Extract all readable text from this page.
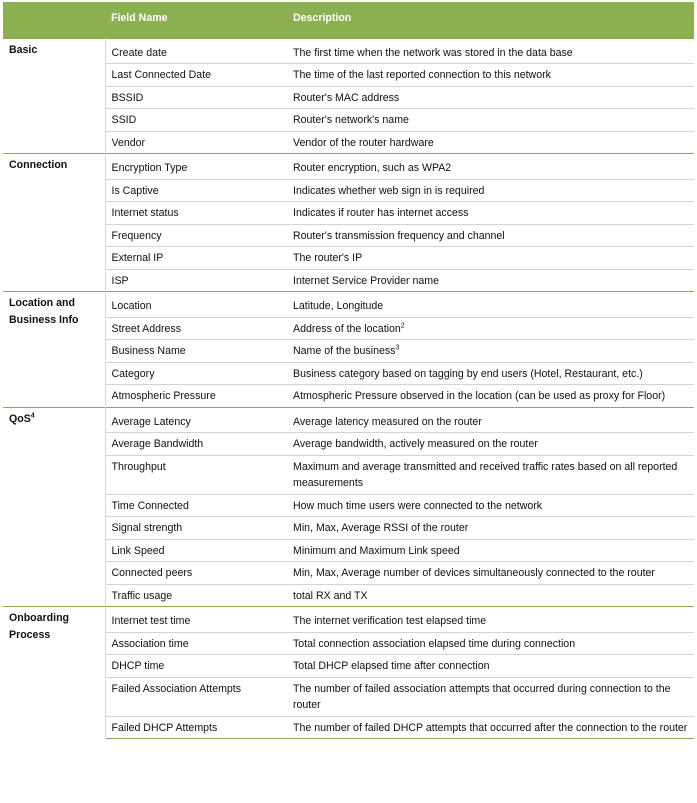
	Field Name	Description
Basic	Create date	The first time when the network was stored in the data base
	Last Connected Date	The time of the last reported connection to this network
	BSSID	Router's MAC address
	SSID	Router's network's name
	Vendor	Vendor of the router hardware
Connection	Encryption Type	Router encryption, such as WPA2
	Is Captive	Indicates whether web sign in is required
	Internet status	Indicates if router has internet access
	Frequency	Router's transmission frequency and channel
	External IP	The router's IP
	ISP	Internet Service Provider name
Location and Business Info	Location	Latitude, Longitude
	Street Address	Address of the location$^2$
	Business Name	Name of the business$^3$
	Category	Business category based on tagging by end users (Hotel, Restaurant, etc.)
	Atmospheric Pressure	Atmospheric Pressure observed in the location (can be used as proxy for Floor)
QoS$^4$	Average Latency	Average latency measured on the router
	Average Bandwidth	Average bandwidth, actively measured on the router
	Throughput	Maximum and average transmitted and received traffic rates based on all reported measurements
	Time Connected	How much time users were connected to the network
	Signal strength	Min, Max, Average RSSI of the router
	Link Speed	Minimum and Maximum Link speed
	Connected peers	Min, Max, Average number of devices simultaneously connected to the router
	Traffic usage	total RX and TX
Onboarding Process	Internet test time	The internet verification test elapsed time
	Association time	Total connection association elapsed time during connection
	DHCP time	Total DHCP elapsed time after connection
	Failed Association Attempts	The number of failed association attempts that occurred during connection to the router
	Failed DHCP Attempts	The number of failed DHCP attempts that occurred after the connection to the router
